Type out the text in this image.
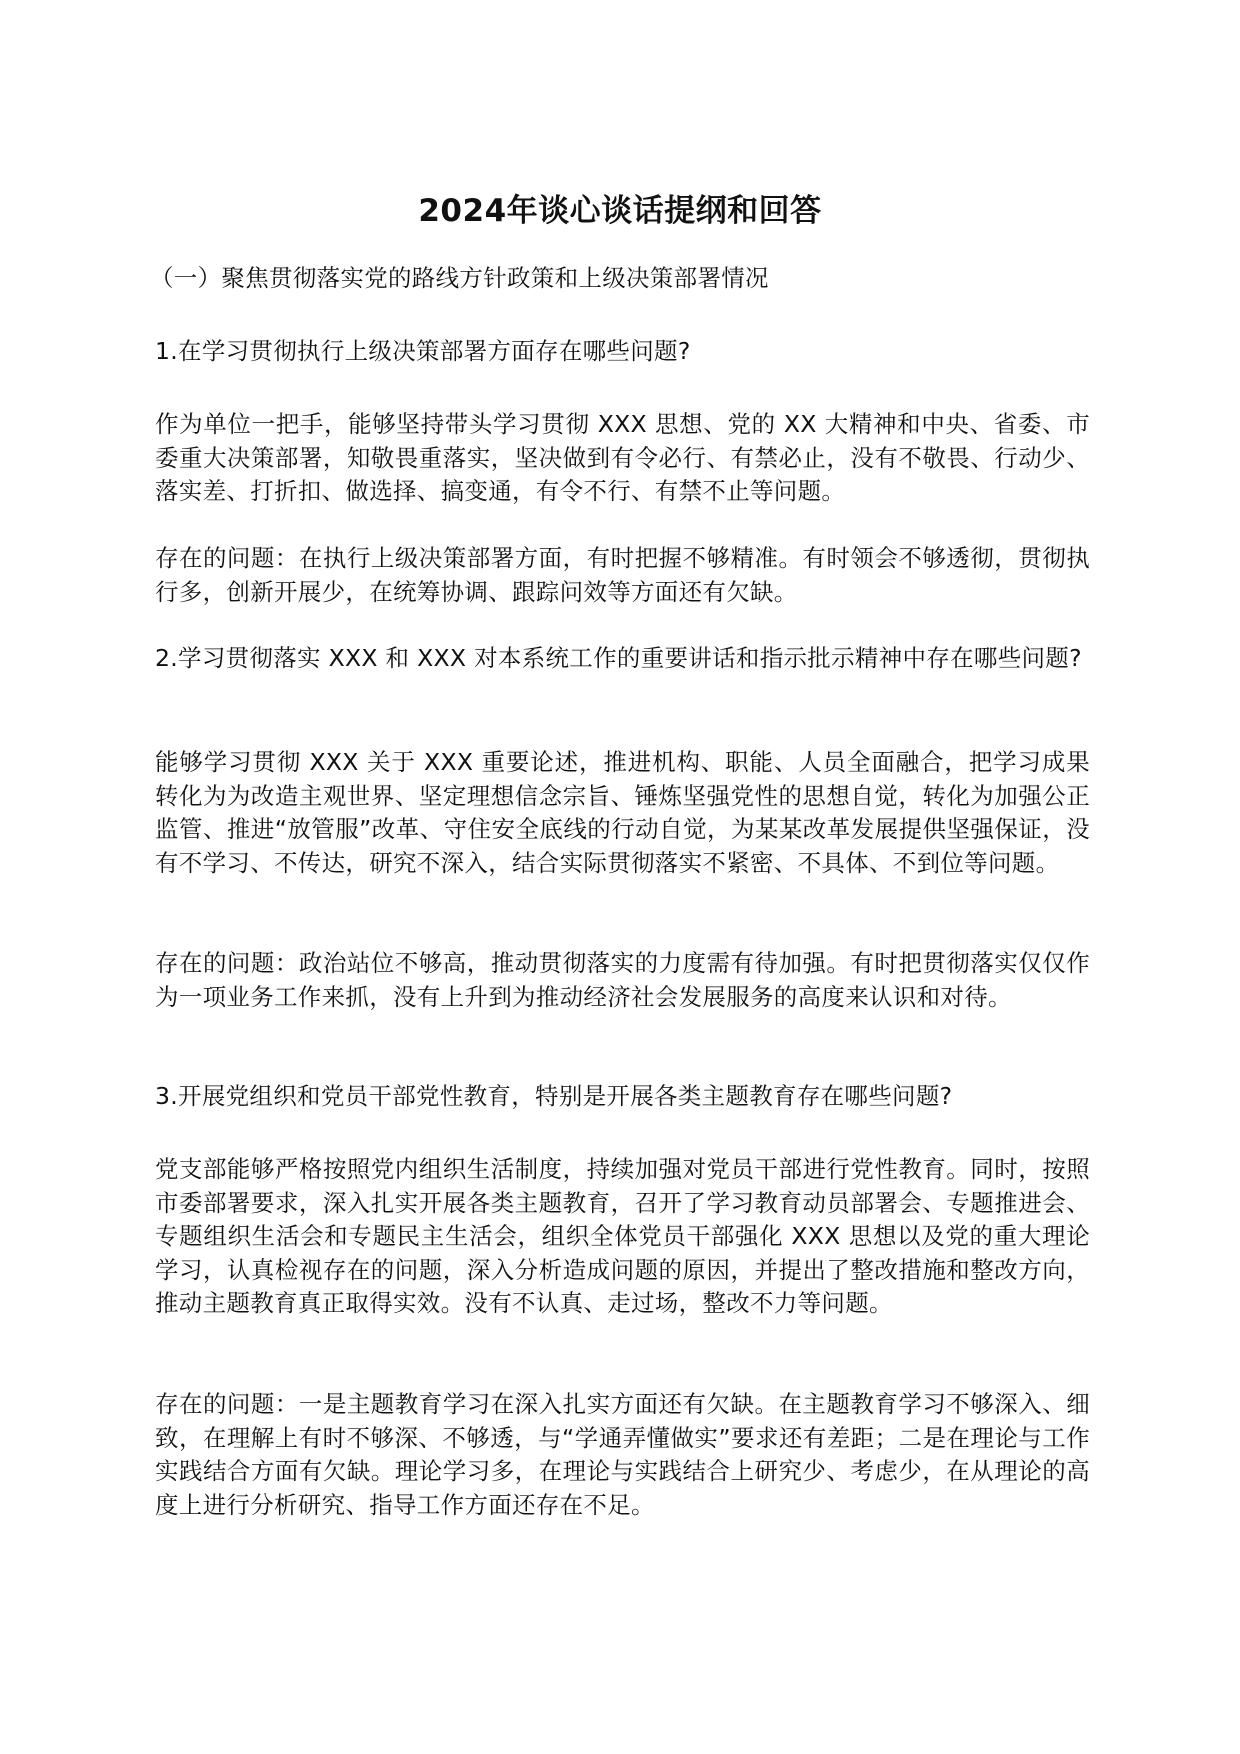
2024年谈心谈话提纲和回答
（一）聚焦贯彻落实党的路线方针政策和上级决策部署情况
1.在学习贯彻执行上级决策部署方面存在哪些问题?
作为单位一把手，能够坚持带头学习贯彻 XXX 思想、党的 XX 大精神和中央、省委、市委重大决策部署，知敬畏重落实，坚决做到有令必行、有禁必止，没有不敬畏、行动少、落实差、打折扣、做选择、搞变通，有令不行、有禁不止等问题。
存在的问题：在执行上级决策部署方面，有时把握不够精准。有时领会不够透彻，贯彻执行多，创新开展少，在统筹协调、跟踪问效等方面还有欠缺。
2.学习贯彻落实 XXX 和 XXX 对本系统工作的重要讲话和指示批示精神中存在哪些问题?
能够学习贯彻 XXX 关于 XXX 重要论述，推进机构、职能、人员全面融合，把学习成果转化为为改造主观世界、坚定理想信念宗旨、锤炼坚强党性的思想自觉，转化为加强公正监管、推进“放管服”改革、守住安全底线的行动自觉，为某某改革发展提供坚强保证，没有不学习、不传达，研究不深入，结合实际贯彻落实不紧密、不具体、不到位等问题。
存在的问题：政治站位不够高，推动贯彻落实的力度需有待加强。有时把贯彻落实仅仅作为一项业务工作来抓，没有上升到为推动经济社会发展服务的高度来认识和对待。
3.开展党组织和党员干部党性教育，特别是开展各类主题教育存在哪些问题?
党支部能够严格按照党内组织生活制度，持续加强对党员干部进行党性教育。同时，按照市委部署要求，深入扎实开展各类主题教育，召开了学习教育动员部署会、专题推进会、专题组织生活会和专题民主生活会，组织全体党员干部强化 XXX 思想以及党的重大理论学习，认真检视存在的问题，深入分析造成问题的原因，并提出了整改措施和整改方向，推动主题教育真正取得实效。没有不认真、走过场，整改不力等问题。
存在的问题：一是主题教育学习在深入扎实方面还有欠缺。在主题教育学习不够深入、细致，在理解上有时不够深、不够透，与“学通弄懂做实”要求还有差距；二是在理论与工作实践结合方面有欠缺。理论学习多，在理论与实践结合上研究少、考虑少，在从理论的高度上进行分析研究、指导工作方面还存在不足。
